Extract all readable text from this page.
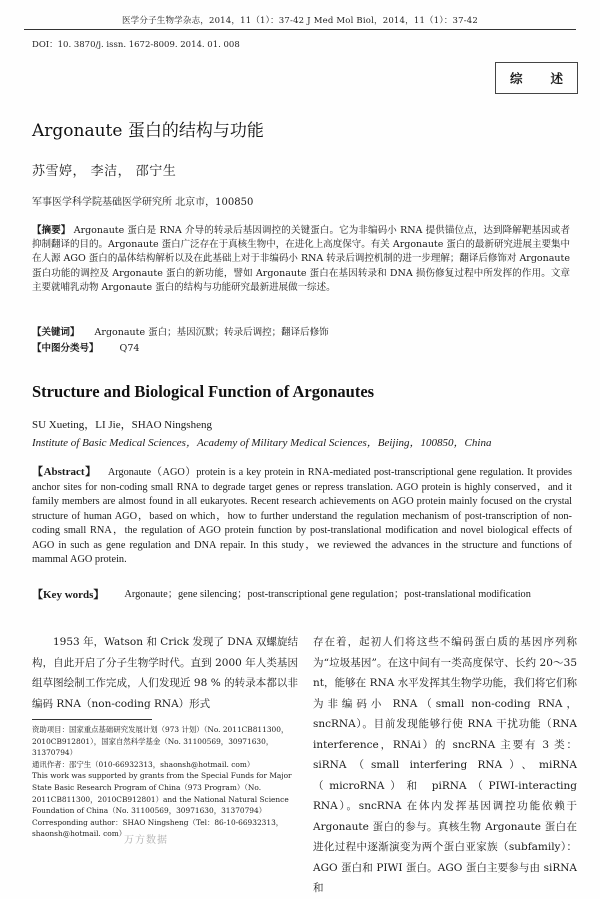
医学分子生物学杂志，2014，11（1）：37-42 J Med Mol Biol，2014，11（1）：37-42
DOI：10. 3870/j. issn. 1672-8009. 2014. 01. 008
综 述
Argonaute 蛋白的结构与功能
苏雪婷， 李洁， 邵宁生
军事医学科学院基础医学研究所 北京市，100850

【摘要】 Argonaute 蛋白是 RNA 介导的转录后基因调控的关键蛋白。它为非编码小 RNA 提供锚位点，达到降解靶基因或者抑制翻译的目的。Argonaute 蛋白广泛存在于真核生物中，在进化上高度保守。有关 Argonaute 蛋白的最新研究进展主要集中在人源 AGO 蛋白的晶体结构解析以及在此基础上对于非编码小 RNA 转录后调控机制的进一步理解；翻译后修饰对 Argonaute 蛋白功能的调控及 Argonaute 蛋白的新功能，譬如 Argonaute 蛋白在基因转录和 DNA 损伤修复过程中所发挥的作用。文章主要就哺乳动物 Argonaute 蛋白的结构与功能研究最新进展做一综述。

【关键词】 Argonaute 蛋白；基因沉默；转录后调控；翻译后修饰
【中图分类号】 Q74
Structure and Biological Function of Argonautes
SU Xueting，LI Jie，SHAO Ningsheng
Institute of Basic Medical Sciences，Academy of Military Medical Sciences，Beijing，100850，China

【Abstract】 Argonaute（AGO）protein is a key protein in RNA-mediated post-transcriptional gene regulation. It provides anchor sites for non-coding small RNA to degrade target genes or repress translation. AGO protein is highly conserved，and it family members are almost found in all eukaryotes. Recent research achievements on AGO protein mainly focused on the crystal structure of human AGO，based on which，how to further understand the regulation mechanism of post-transcription of non-coding small RNA，the regulation of AGO protein function by post-translational modification and novel biological effects of AGO in such as gene regulation and DNA repair. In this study，we reviewed the advances in the structure and functions of mammal AGO protein.

【Key words】 Argonaute；gene silencing；post-transcriptional gene regulation；post-translational modification

1953 年，Watson 和 Crick 发现了 DNA 双螺旋结构，自此开启了分子生物学时代。直到 2000 年人类基因组草图绘制工作完成，人们发现近 98 % 的转录本都以非编码 RNA（non-coding RNA）形式

存在着，起初人们将这些不编码蛋白质的基因序列称为“垃圾基因”。在这中间有一类高度保守、长约 20～35 nt，能够在 RNA 水平发挥其生物学功能，我们将它们称为非编码小 RNA（small non-coding RNA，sncRNA）。目前发现能够行使 RNA 干扰功能（RNA interference，RNAi）的 sncRNA 主要有 3 类：siRNA（small interfering RNA）、miRNA（microRNA）和 piRNA（PIWI-interacting RNA）。sncRNA 在体内发挥基因调控功能依赖于 Argonaute 蛋白的参与。真核生物 Argonaute 蛋白在进化过程中逐渐演变为两个蛋白亚家族（subfamily）：AGO 蛋白和 PIWI 蛋白。AGO 蛋白主要参与由 siRNA 和

资助项目：国家重点基础研究发展计划（973 计划）（No. 2011CB811300，2010CB912801），国家自然科学基金（No. 31100569，30971630，31370794）
通讯作者：邵宁生（010-66932313，shaonsh@hotmail. com）
This work was supported by grants from the Special Funds for Major State Basic Research Program of China（973 Program）（No. 2011CB811300，2010CB912801）and the National Natural Science Foundation of China（No. 31100569，30971630，31370794）
Corresponding author：SHAO Ningsheng（Tel：86-10-66932313，shaonsh@hotmail. com）
万方数据
